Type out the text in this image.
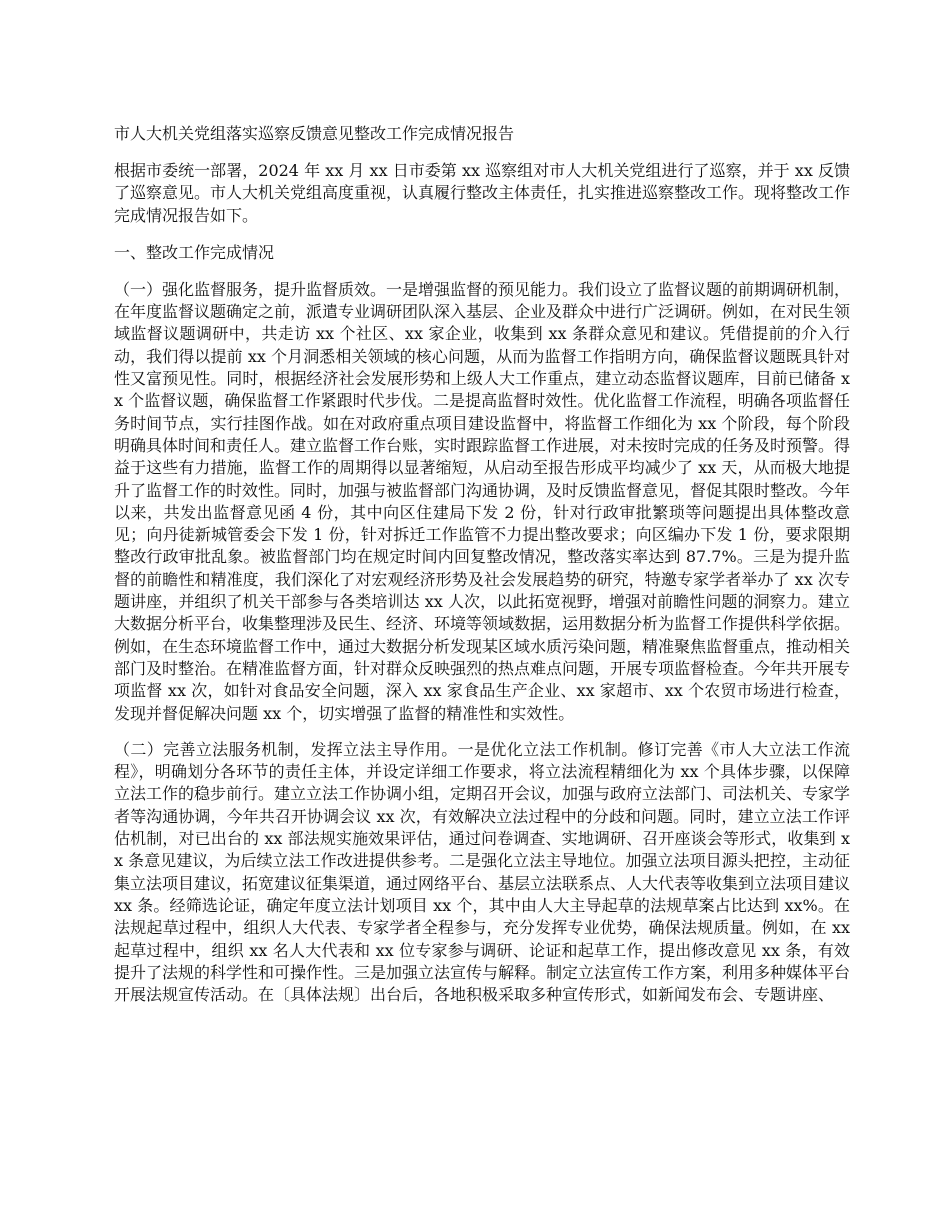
市人大机关党组落实巡察反馈意见整改工作完成情况报告
根据市委统一部署，2024 年 xx 月 xx 日市委第 xx 巡察组对市人大机关党组进行了巡察，并于 xx 反馈了巡察意见。市人大机关党组高度重视，认真履行整改主体责任，扎实推进巡察整改工作。现将整改工作完成情况报告如下。
一、整改工作完成情况
（一）强化监督服务，提升监督质效。一是增强监督的预见能力。我们设立了监督议题的前期调研机制，在年度监督议题确定之前，派遣专业调研团队深入基层、企业及群众中进行广泛调研。例如，在对民生领域监督议题调研中，共走访 xx 个社区、xx 家企业，收集到 xx 条群众意见和建议。凭借提前的介入行动，我们得以提前 xx 个月洞悉相关领域的核心问题，从而为监督工作指明方向，确保监督议题既具针对性又富预见性。同时，根据经济社会发展形势和上级人大工作重点，建立动态监督议题库，目前已储备 xx 个监督议题，确保监督工作紧跟时代步伐。二是提高监督时效性。优化监督工作流程，明确各项监督任务时间节点，实行挂图作战。如在对政府重点项目建设监督中，将监督工作细化为 xx 个阶段，每个阶段明确具体时间和责任人。建立监督工作台账，实时跟踪监督工作进展，对未按时完成的任务及时预警。得益于这些有力措施，监督工作的周期得以显著缩短，从启动至报告形成平均减少了 xx 天，从而极大地提升了监督工作的时效性。同时，加强与被监督部门沟通协调，及时反馈监督意见，督促其限时整改。今年以来，共发出监督意见函 4 份，其中向区住建局下发 2 份，针对行政审批繁琐等问题提出具体整改意见；向丹徒新城管委会下发 1 份，针对拆迁工作监管不力提出整改要求；向区编办下发 1 份，要求限期整改行政审批乱象。被监督部门均在规定时间内回复整改情况，整改落实率达到 87.7%。三是为提升监督的前瞻性和精准度，我们深化了对宏观经济形势及社会发展趋势的研究，特邀专家学者举办了 xx 次专题讲座，并组织了机关干部参与各类培训达 xx 人次，以此拓宽视野，增强对前瞻性问题的洞察力。建立大数据分析平台，收集整理涉及民生、经济、环境等领域数据，运用数据分析为监督工作提供科学依据。例如，在生态环境监督工作中，通过大数据分析发现某区域水质污染问题，精准聚焦监督重点，推动相关部门及时整治。在精准监督方面，针对群众反映强烈的热点难点问题，开展专项监督检查。今年共开展专项监督 xx 次，如针对食品安全问题，深入 xx 家食品生产企业、xx 家超市、xx 个农贸市场进行检查，发现并督促解决问题 xx 个，切实增强了监督的精准性和实效性。
（二）完善立法服务机制，发挥立法主导作用。一是优化立法工作机制。修订完善《市人大立法工作流程》，明确划分各环节的责任主体，并设定详细工作要求，将立法流程精细化为 xx 个具体步骤，以保障立法工作的稳步前行。建立立法工作协调小组，定期召开会议，加强与政府立法部门、司法机关、专家学者等沟通协调，今年共召开协调会议 xx 次，有效解决立法过程中的分歧和问题。同时，建立立法工作评估机制，对已出台的 xx 部法规实施效果评估，通过问卷调查、实地调研、召开座谈会等形式，收集到 xx 条意见建议，为后续立法工作改进提供参考。二是强化立法主导地位。加强立法项目源头把控，主动征集立法项目建议，拓宽建议征集渠道，通过网络平台、基层立法联系点、人大代表等收集到立法项目建议 xx 条。经筛选论证，确定年度立法计划项目 xx 个，其中由人大主导起草的法规草案占比达到 xx%。在法规起草过程中，组织人大代表、专家学者全程参与，充分发挥专业优势，确保法规质量。例如，在 xx 起草过程中，组织 xx 名人大代表和 xx 位专家参与调研、论证和起草工作，提出修改意见 xx 条，有效提升了法规的科学性和可操作性。三是加强立法宣传与解释。制定立法宣传工作方案，利用多种媒体平台开展法规宣传活动。在〔具体法规〕出台后，各地积极采取多种宣传形式，如新闻发布会、专题讲座、
